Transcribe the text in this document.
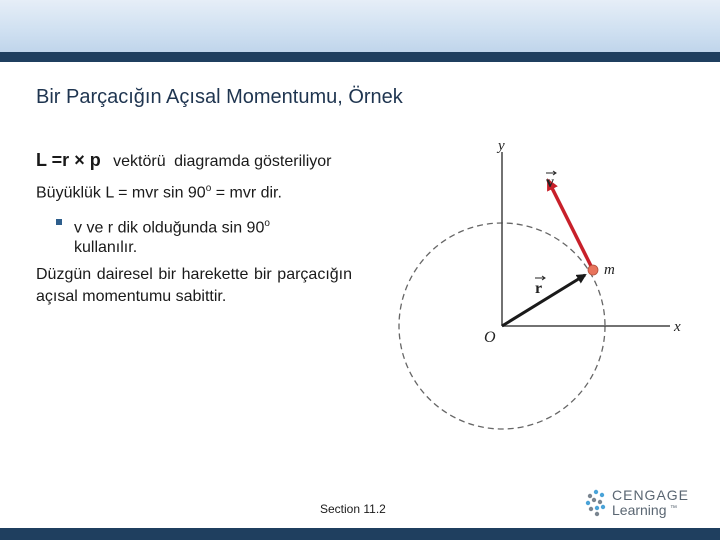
Bir Parçacığın Açısal Momentumu, Örnek
L =r × p vektörü diagramda gösteriliyor
Büyüklük L = mvr $\sin 90^o$ = mvr dir.
v ve r dik olduğunda sin 90$^o$ kullanılır.
Düzgün dairesel bir harekette bir parçacığın açısal momentumu sabittir.
y
x
O
m
r
v
Section 11.2
CENGAGE
Learning ™
